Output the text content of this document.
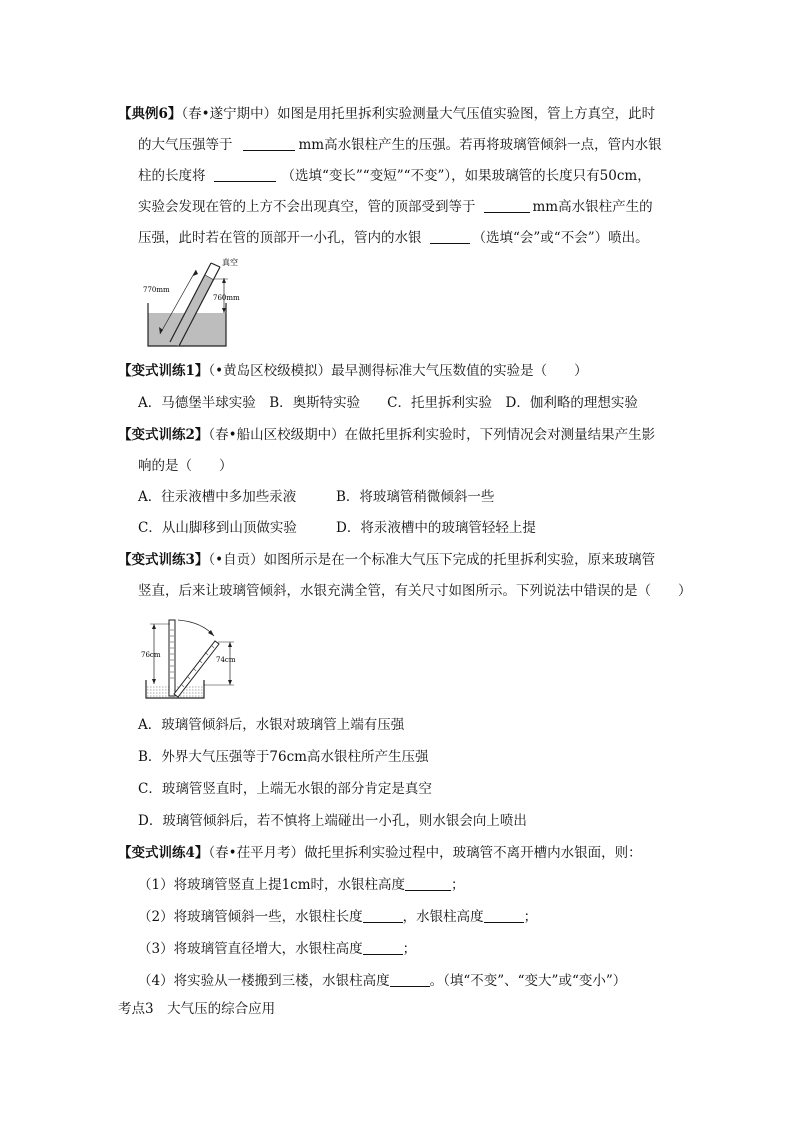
【典例6】（春•遂宁期中）如图是用托里拆利实验测量大气压值实验图，管上方真空，此时
的大气压强等于	mm高水银柱产生的压强。若再将玻璃管倾斜一点，管内水银
柱的长度将	（选填“变长”“变短”“不变”），如果玻璃管的长度只有50cm，
实验会发现在管的上方不会出现真空，管的顶部受到等于	mm高水银柱产生的
压强，此时若在管的顶部开一小孔，管内的水银	（选填“会”或“不会”）喷出。
真空
770mm
760mm
【变式训练1】（•黄岛区校级模拟）最早测得标准大气压数值的实验是（　　）
A．马德堡半球实验　B．奥斯特实验　　C．托里拆利实验　D．伽利略的理想实验
【变式训练2】（春•船山区校级期中）在做托里拆利实验时，下列情况会对测量结果产生影
响的是（　　）
A．往汞液槽中多加些汞液	B．将玻璃管稍微倾斜一些
C．从山脚移到山顶做实验	D．将汞液槽中的玻璃管轻轻上提
【变式训练3】（•自贡）如图所示是在一个标准大气压下完成的托里拆利实验，原来玻璃管
竖直，后来让玻璃管倾斜，水银充满全管，有关尺寸如图所示。下列说法中错误的是（　　）
76cm
74cm
A．玻璃管倾斜后，水银对玻璃管上端有压强
B．外界大气压强等于76cm高水银柱所产生压强
C．玻璃管竖直时，上端无水银的部分肯定是真空
D．玻璃管倾斜后，若不慎将上端碰出一小孔，则水银会向上喷出
【变式训练4】（春•茌平月考）做托里拆利实验过程中，玻璃管不离开槽内水银面，则：
（1）将玻璃管竖直上提1cm时，水银柱高度	；
（2）将玻璃管倾斜一些，水银柱长度	，水银柱高度	；
（3）将玻璃管直径增大，水银柱高度	；
（4）将实验从一楼搬到三楼，水银柱高度	。（填“不变”、“变大”或“变小”）
考点3　大气压的综合应用
